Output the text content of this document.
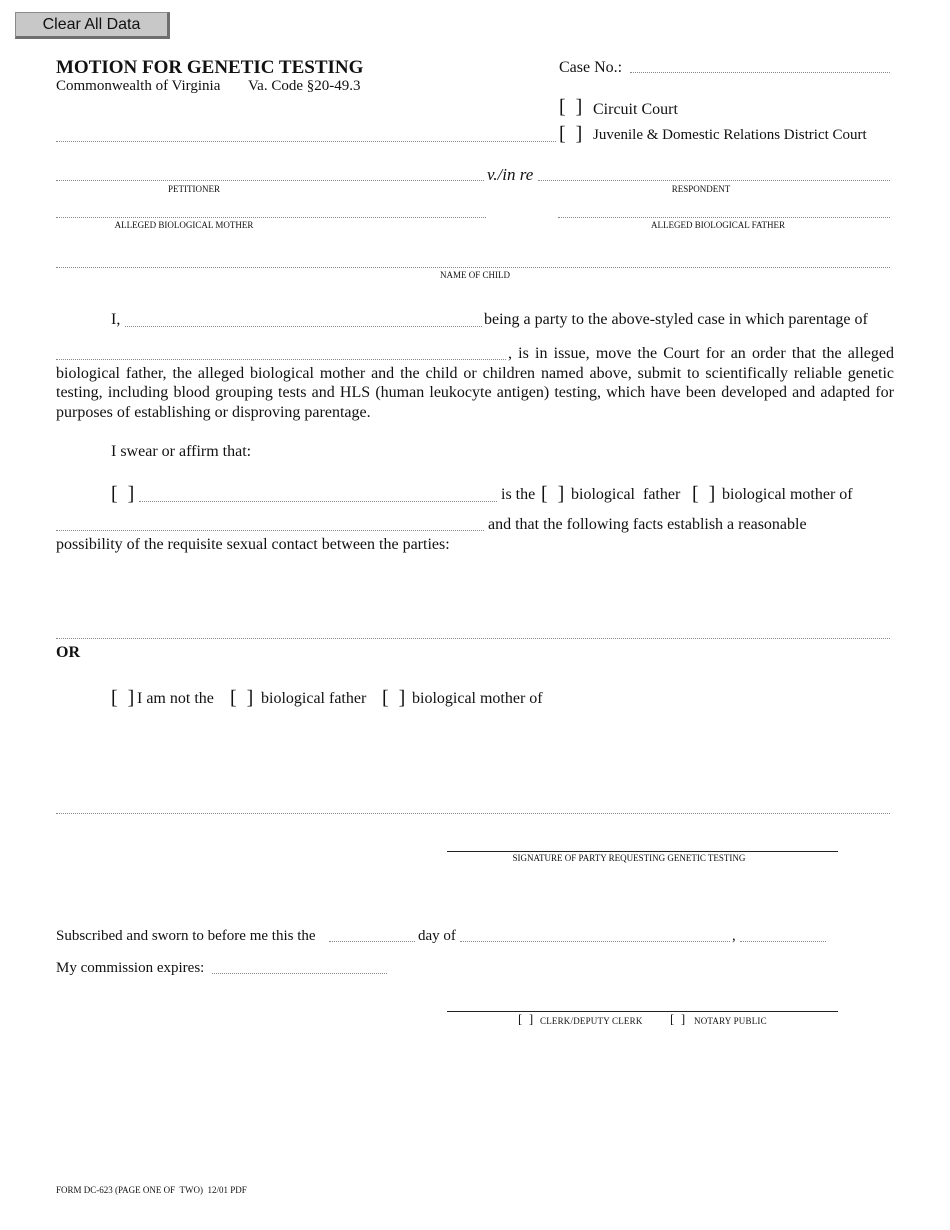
Clear All Data
MOTION FOR GENETIC TESTING
Commonwealth of Virginia Va. Code §20-49.3
Case No.:
[  ] Circuit Court
[  ] Juvenile & Domestic Relations District Court
v./in re
PETITIONER	RESPONDENT
ALLEGED BIOLOGICAL MOTHER	ALLEGED BIOLOGICAL FATHER
NAME OF CHILD
I,	being a party to the above-styled case in which parentage of
, is in issue, move the Court for an order that the alleged biological father, the alleged biological mother and the child or children named above, submit to scientifically reliable genetic testing, including blood grouping tests and HLS (human leukocyte antigen) testing, which have been developed and adapted for purposes of establishing or disproving parentage.
I swear or affirm that:
[  ]	is the [  ] biological  father [  ] biological mother of
and that the following facts establish a reasonable
possibility of the requisite sexual contact between the parties:
OR
[  ] I am not the [  ] biological father [  ] biological mother of
SIGNATURE OF PARTY REQUESTING GENETIC TESTING
Subscribed and sworn to before me this the	day of	,
My commission expires:
[  ] CLERK/DEPUTY CLERK [  ] NOTARY PUBLIC
FORM DC-623 (PAGE ONE OF  TWO)  12/01 PDF
